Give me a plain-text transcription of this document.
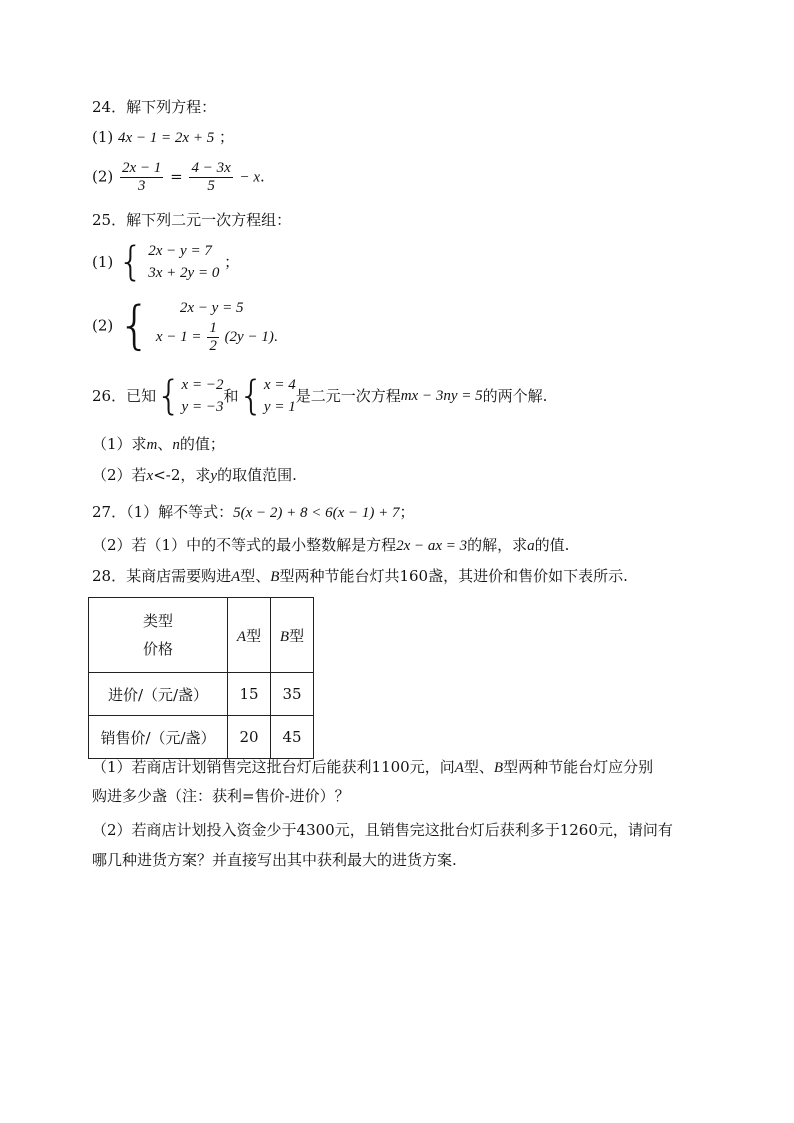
24．解下列方程：
(1) 4x − 1 = 2x + 5 ；
$(2) \frac{2x - 1}{3} = \frac{4 - 3x}{5} - x$.
25．解下列二元一次方程组：
(1) { 2x − y = 7
3x + 2y = 0
；
(2) {	2x − y = 5
$x - 1 = \frac{1}{2} (2y - 1)$.
26．已知{ x = −2
y = −3
和{ x = 4
y = 1
是二元一次方程mx − 3ny = 5的两个解.
（1）求m、n的值；
（2）若x<-2，求y的取值范围.
27．（1）解不等式：5(x − 2) + 8 < 6(x − 1) + 7；
（2）若（1）中的不等式的最小整数解是方程2x − ax = 3的解，求a的值.
28．某商店需要购进A型、B型两种节能台灯共160盏，其进价和售价如下表所示.
类型
价格	A型	B型
进价/（元/盏）	15	35
销售价/（元/盏）	20	45
（1）若商店计划销售完这批台灯后能获利1100元，问A型、B型两种节能台灯应分别
购进多少盏（注：获利=售价-进价）？
（2）若商店计划投入资金少于4300元，且销售完这批台灯后获利多于1260元，请问有
哪几种进货方案？并直接写出其中获利最大的进货方案.
